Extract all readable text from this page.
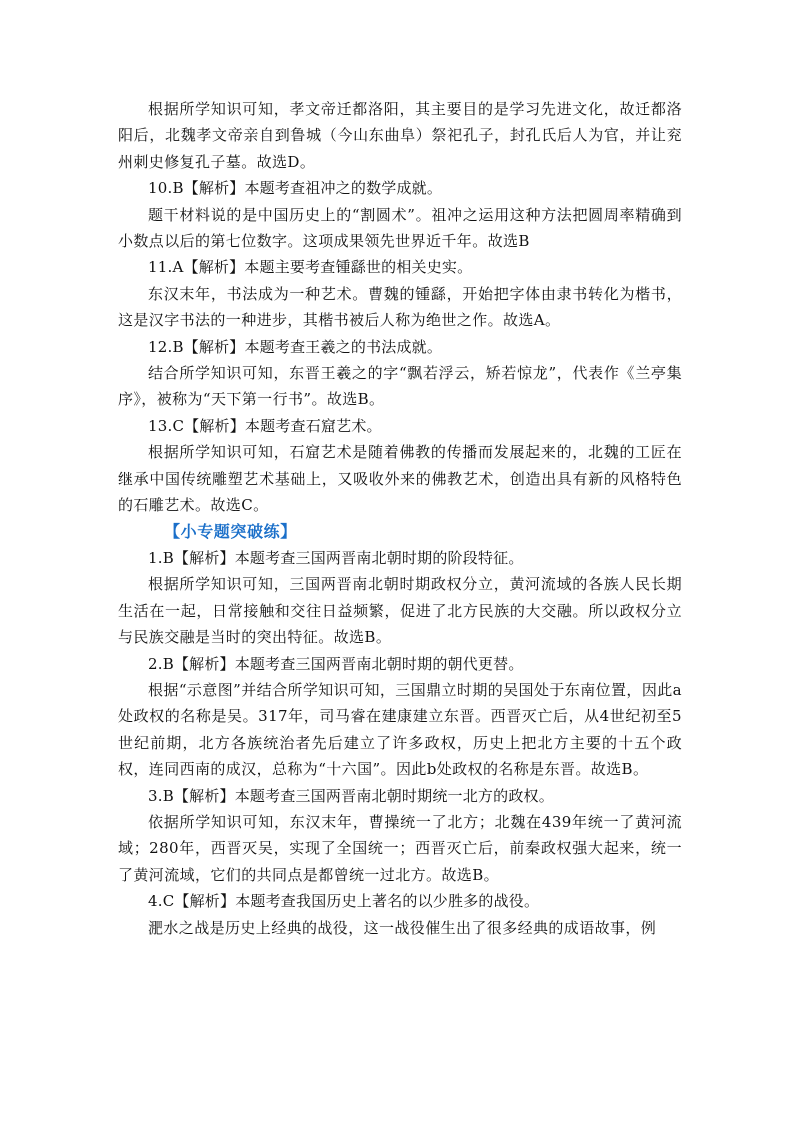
根据所学知识可知，孝文帝迁都洛阳，其主要目的是学习先进文化，故迁都洛阳后，北魏孝文帝亲自到鲁城（今山东曲阜）祭祀孔子，封孔氏后人为官，并让兖州刺史修复孔子墓。故选D。

10.B【解析】本题考查祖冲之的数学成就。

题干材料说的是中国历史上的“割圆术”。祖冲之运用这种方法把圆周率精确到小数点以后的第七位数字。这项成果领先世界近千年。故选B

11.A【解析】本题主要考查锺繇世的相关史实。

东汉末年，书法成为一种艺术。曹魏的锺繇，开始把字体由隶书转化为楷书，这是汉字书法的一种进步，其楷书被后人称为绝世之作。故选A。

12.B【解析】本题考查王羲之的书法成就。

结合所学知识可知，东晋王羲之的字“飘若浮云，矫若惊龙”，代表作《兰亭集序》，被称为“天下第一行书”。故选B。

13.C【解析】本题考查石窟艺术。

根据所学知识可知，石窟艺术是随着佛教的传播而发展起来的，北魏的工匠在继承中国传统雕塑艺术基础上，又吸收外来的佛教艺术，创造出具有新的风格特色的石雕艺术。故选C。

【小专题突破练】

1.B【解析】本题考查三国两晋南北朝时期的阶段特征。

根据所学知识可知，三国两晋南北朝时期政权分立，黄河流域的各族人民长期生活在一起，日常接触和交往日益频繁，促进了北方民族的大交融。所以政权分立与民族交融是当时的突出特征。故选B。

2.B【解析】本题考查三国两晋南北朝时期的朝代更替。

根据“示意图”并结合所学知识可知，三国鼎立时期的吴国处于东南位置，因此a处政权的名称是吴。317年，司马睿在建康建立东晋。西晋灭亡后，从4世纪初至5世纪前期，北方各族统治者先后建立了许多政权，历史上把北方主要的十五个政权，连同西南的成汉，总称为“十六国”。因此b处政权的名称是东晋。故选B。

3.B【解析】本题考查三国两晋南北朝时期统一北方的政权。

依据所学知识可知，东汉末年，曹操统一了北方；北魏在439年统一了黄河流域；280年，西晋灭吴，实现了全国统一；西晋灭亡后，前秦政权强大起来，统一了黄河流域，它们的共同点是都曾统一过北方。故选B。

4.C【解析】本题考查我国历史上著名的以少胜多的战役。

淝水之战是历史上经典的战役，这一战役催生出了很多经典的成语故事，例
